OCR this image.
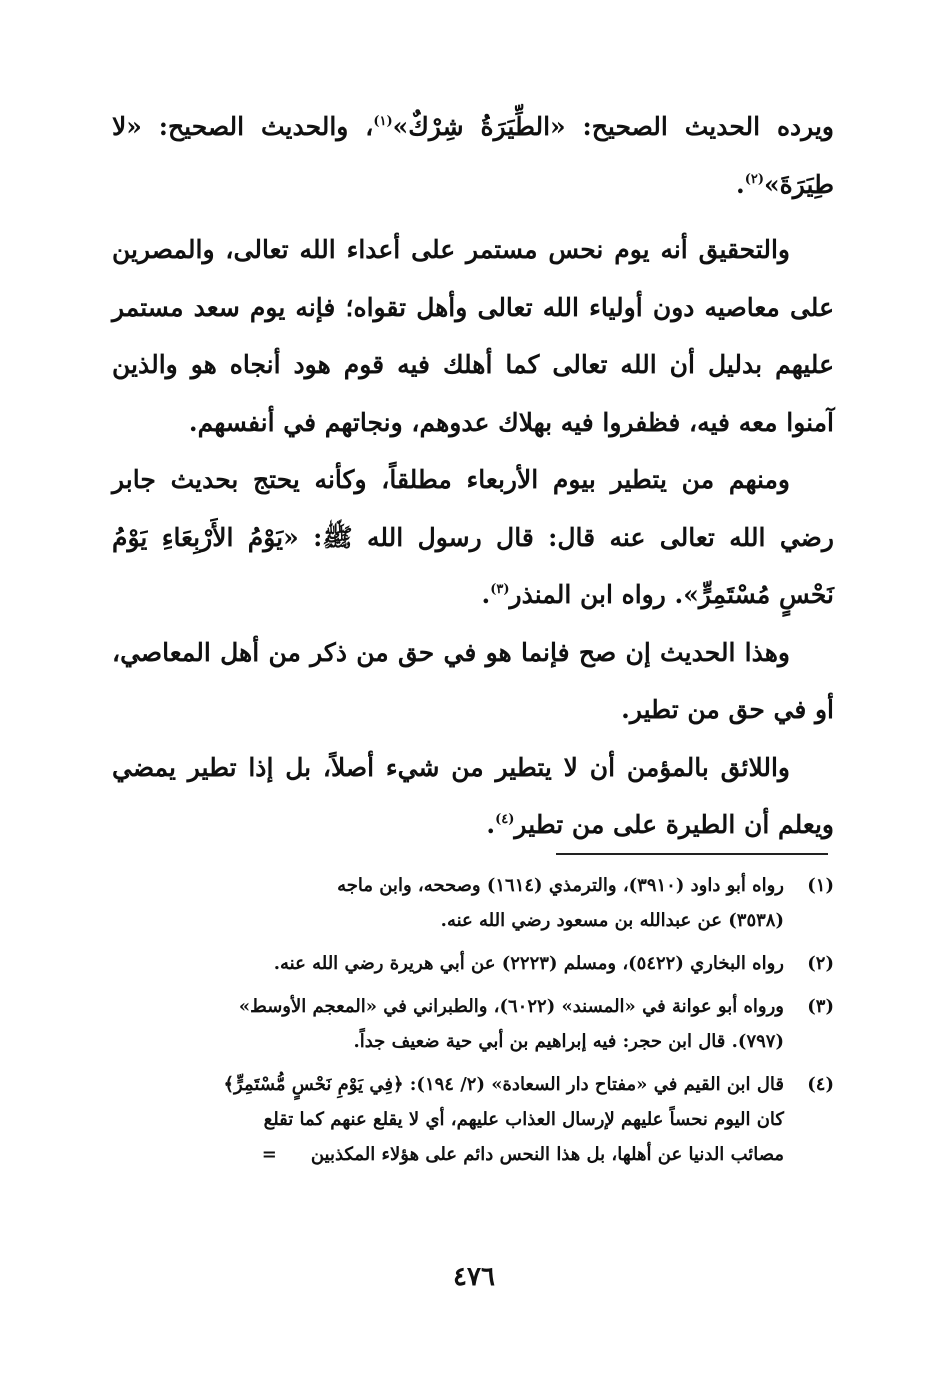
ويرده الحديث الصحيح: «الطِّيَرَةُ شِرْكٌ»$^{(١)}$، والحديث الصحيح: «لا طِيَرَةَ»$^{(٢)}$.

والتحقيق أنه يوم نحس مستمر على أعداء الله تعالى، والمصرين على معاصيه دون أولياء الله تعالى وأهل تقواه؛ فإنه يوم سعد مستمر عليهم بدليل أن الله تعالى كما أهلك فيه قوم هود أنجاه هو والذين آمنوا معه فيه، فظفروا فيه بهلاك عدوهم، ونجاتهم في أنفسهم.

ومنهم من يتطير بيوم الأربعاء مطلقاً، وكأنه يحتج بحديث جابر رضي الله تعالى عنه قال: قال رسول الله ﷺ: «يَوْمُ الأَرْبِعَاءِ يَوْمُ نَحْسٍ مُسْتَمِرٍّ». رواه ابن المنذر$^{(٣)}$.

وهذا الحديث إن صح فإنما هو في حق من ذكر من أهل المعاصي، أو في حق من تطير.

واللائق بالمؤمن أن لا يتطير من شيء أصلاً، بل إذا تطير يمضي ويعلم أن الطيرة على من تطير$^{(٤)}$.

(١)
رواه أبو داود (٣٩١٠)، والترمذي (١٦١٤) وصححه، وابن ماجه
(٣٥٣٨) عن عبدالله بن مسعود رضي الله عنه.
(٢)
رواه البخاري (٥٤٢٢)، ومسلم (٢٢٢٣) عن أبي هريرة رضي الله عنه.
(٣)
ورواه أبو عوانة في «المسند» (٦٠٢٢)، والطبراني في «المعجم الأوسط»
(٧٩٧). قال ابن حجر: فيه إبراهيم بن أبي حية ضعيف جداً.
(٤)
قال ابن القيم في «مفتاح دار السعادة» (٢/ ١٩٤): ﴿فِي يَوْمِ نَحْسٍ مُّسْتَمِرٍّ﴾
كان اليوم نحساً عليهم لإرسال العذاب عليهم، أي لا يقلع عنهم كما تقلع
مصائب الدنيا عن أهلها، بل هذا النحس دائم على هؤلاء المكذبين=
٤٧٦
